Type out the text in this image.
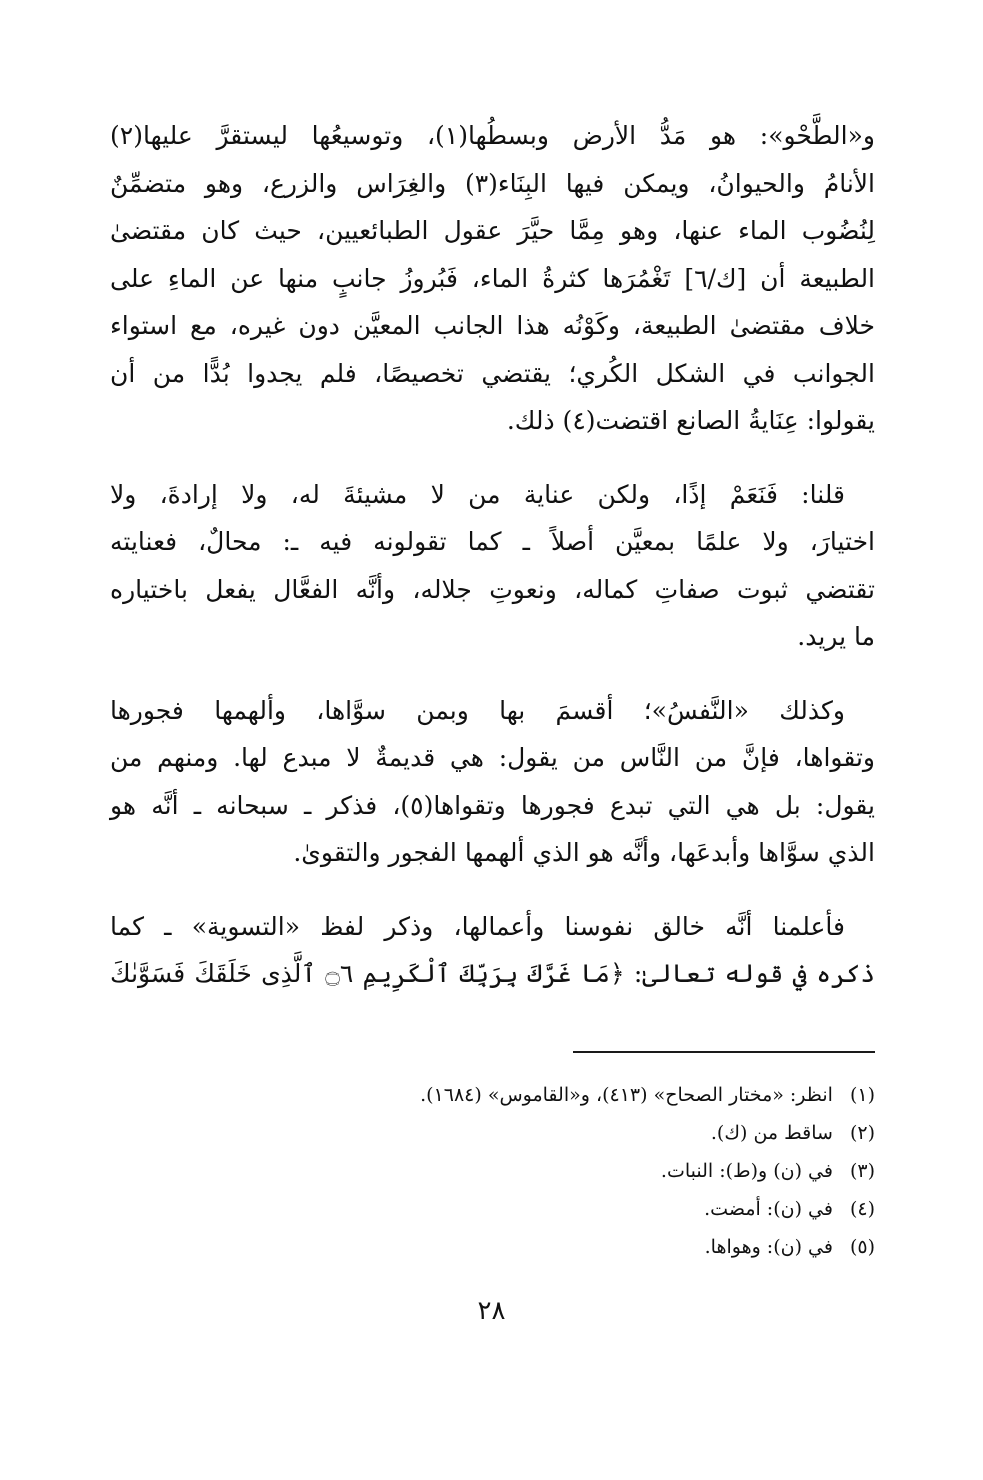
و«الطَّحْو»: هو مَدُّ الأرض وبسطُها(١)، وتوسيعُها ليستقرَّ عليها(٢)
الأنامُ والحيوانُ، ويمكن فيها البِنَاء(٣) والغِرَاس والزرع، وهو متضمِّنٌ
لِنُضُوب الماء عنها، وهو مِمَّا حيَّرَ عقول الطبائعيين، حيث كان مقتضىٰ
الطبيعة أن [ك/٦] تَغْمُرَها كثرةُ الماء، فَبُروزُ جانبٍ منها عن الماءِ على
خلاف مقتضىٰ الطبيعة، وكَوْنُه هذا الجانب المعيَّن دون غيره، مع استواء
الجوانب في الشكل الكُري؛ يقتضي تخصيصًا، فلم يجدوا بُدًّا من أن
يقولوا: عِنَايةُ الصانع اقتضت(٤) ذلك.

قلنا: فَنَعَمْ إذًا، ولكن عناية من لا مشيئةَ له، ولا إرادةَ، ولا
اختيارَ، ولا علمًا بمعيَّن أصلاً ـ كما تقولونه فيه ـ: محالٌ، فعنايته
تقتضي ثبوت صفاتِ كماله، ونعوتِ جلاله، وأنَّه الفعَّال يفعل باختياره
ما يريد.

وكذلك «النَّفسُ»؛ أقسمَ بها وبمن سوَّاها، وألهمها فجورها
وتقواها، فإنَّ من النَّاس من يقول: هي قديمةٌ لا مبدع لها. ومنهم من
يقول: بل هي التي تبدع فجورها وتقواها(٥)، فذكر ـ سبحانه ـ أنَّه هو
الذي سوَّاها وأبدعَها، وأنَّه هو الذي ألهمها الفجور والتقوىٰ.

فأعلمنا أنَّه خالق نفوسنا وأعمالها، وذكر لفظ «التسوية» ـ كما
ذكره في قوله تعالىٰ: ﴿مَا غَرَّكَ بِرَبِّكَ ٱلْكَرِيمِ ۝٦ ٱلَّذِى خَلَقَكَ فَسَوَّىٰكَ

(١) انظر: «مختار الصحاح» (٤١٣)، و«القاموس» (١٦٨٤).
(٢) ساقط من (ك).
(٣) في (ن) و(ط): النبات.
(٤) في (ن): أمضت.
(٥) في (ن): وهواها.
٢٨
